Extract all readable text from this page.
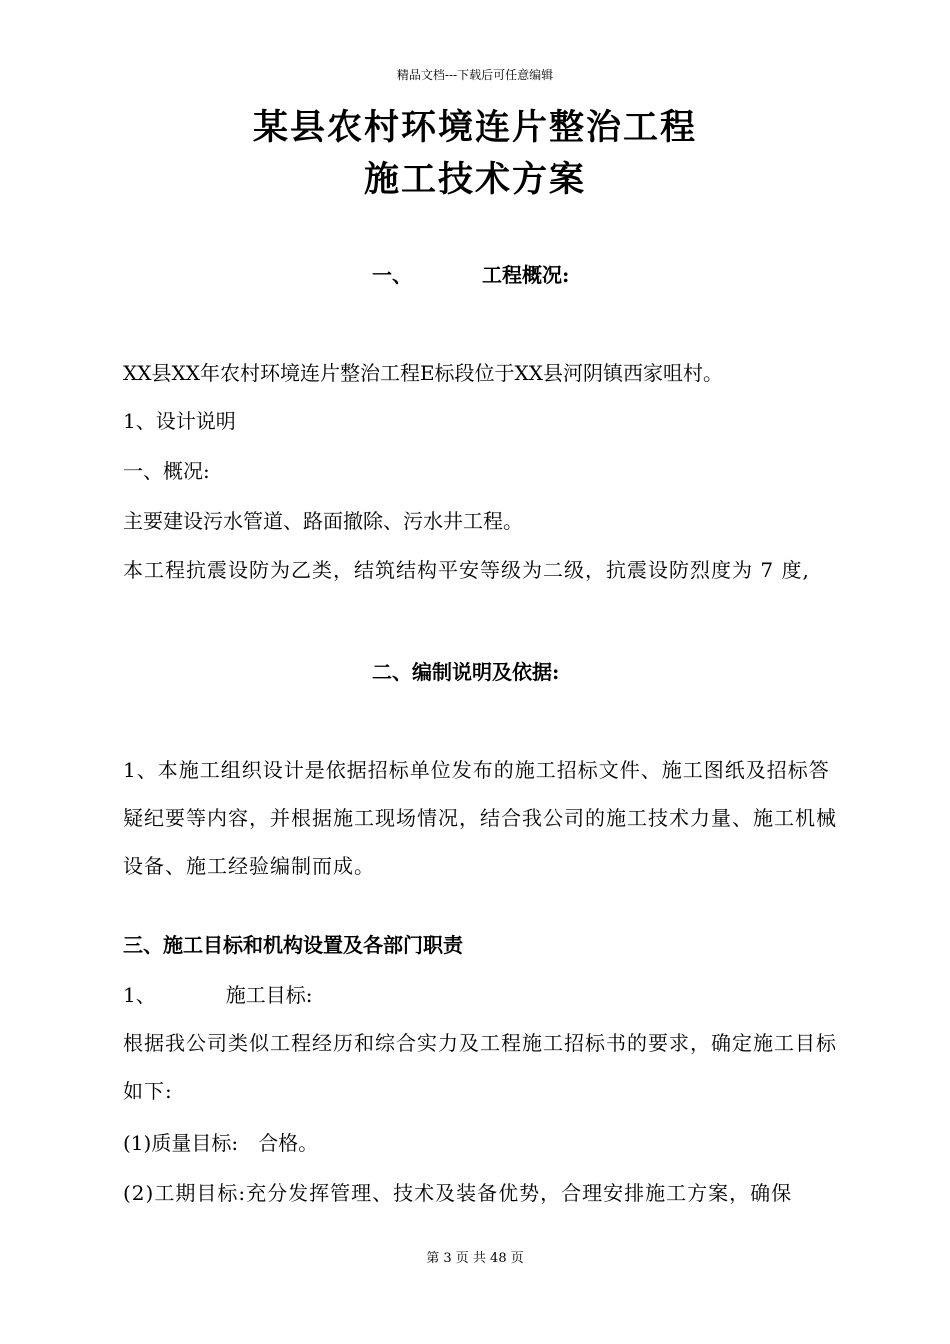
精品文档---下载后可任意编辑
某县农村环境连片整治工程
施工技术方案
一、	工程概况:
XX县XX年农村环境连片整治工程E标段位于XX县河阴镇西家咀村。
1、设计说明
一、概况:
主要建设污水管道、路面撤除、污水井工程。
本工程抗震设防为乙类，结筑结构平安等级为二级，抗震设防烈度为 7 度,
二、编制说明及依据:
1、本施工组织设计是依据招标单位发布的施工招标文件、施工图纸及招标答疑纪要等内容，并根据施工现场情况，结合我公司的施工技术力量、施工机械设备、施工经验编制而成。
三、施工目标和机构设置及各部门职责
1、	施工目标:
根据我公司类似工程经历和综合实力及工程施工招标书的要求，确定施工目标如下:
(1)质量目标:　合格。
(2)工期目标:充分发挥管理、技术及装备优势，合理安排施工方案，确保
第 3 页 共 48 页
